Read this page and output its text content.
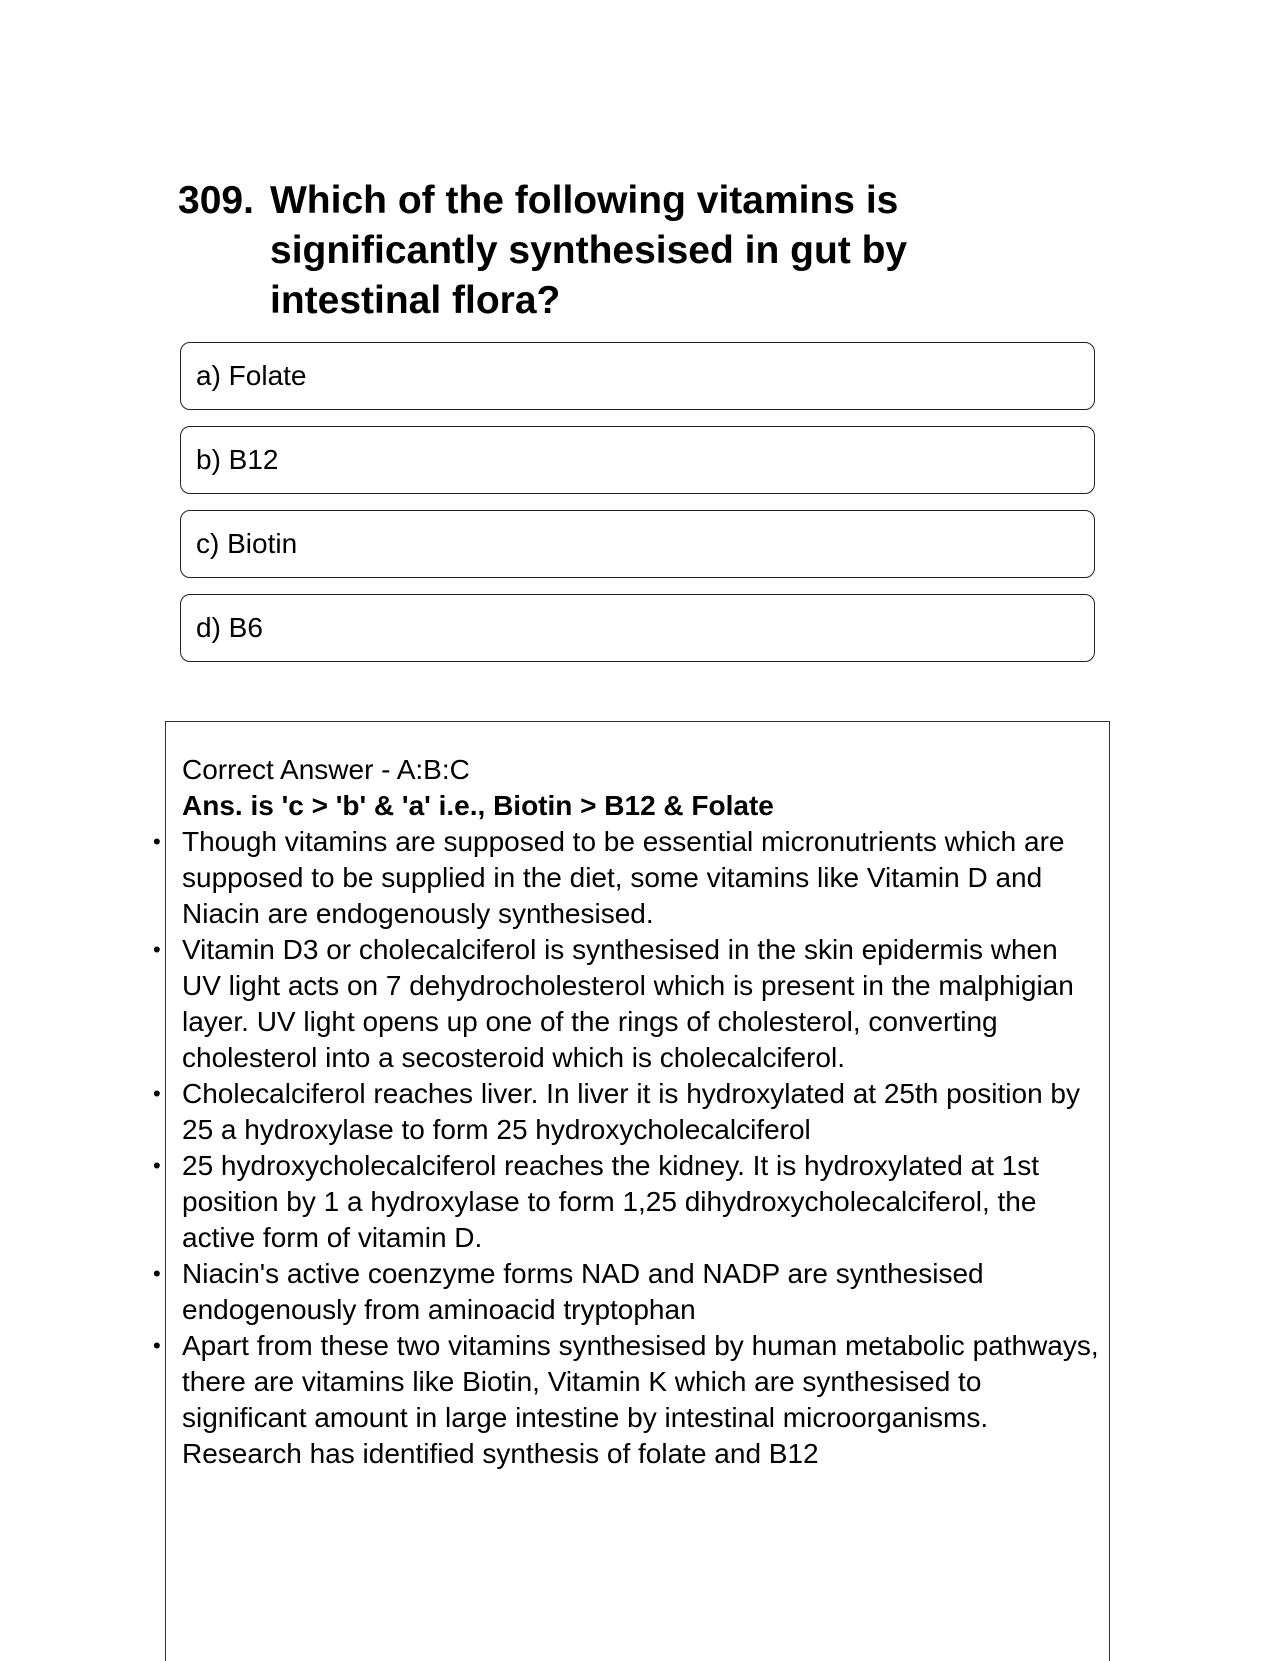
309. Which of the following vitamins is significantly synthesised in gut by intestinal flora?
a) Folate
b) B12
c) Biotin
d) B6

Correct Answer - A:B:C

Ans. is 'c > 'b' & 'a' i.e., Biotin > B12 & Folate

• Though vitamins are supposed to be essential micronutrients which are supposed to be supplied in the diet, some vitamins like Vitamin D and Niacin are endogenously synthesised.
• Vitamin D3 or cholecalciferol is synthesised in the skin epidermis when UV light acts on 7 dehydrocholesterol which is present in the malphigian layer. UV light opens up one of the rings of cholesterol, converting cholesterol into a secosteroid which is cholecalciferol.
• Cholecalciferol reaches liver. In liver it is hydroxylated at 25th position by 25 a hydroxylase to form 25 hydroxycholecalciferol
• 25 hydroxycholecalciferol reaches the kidney. It is hydroxylated at 1st position by 1 a hydroxylase to form 1,25 dihydroxycholecalciferol, the active form of vitamin D.
• Niacin's active coenzyme forms NAD and NADP are synthesised endogenously from aminoacid tryptophan
• Apart from these two vitamins synthesised by human metabolic pathways, there are vitamins like Biotin, Vitamin K which are synthesised to significant amount in large intestine by intestinal microorganisms. Research has identified synthesis of folate and B12
